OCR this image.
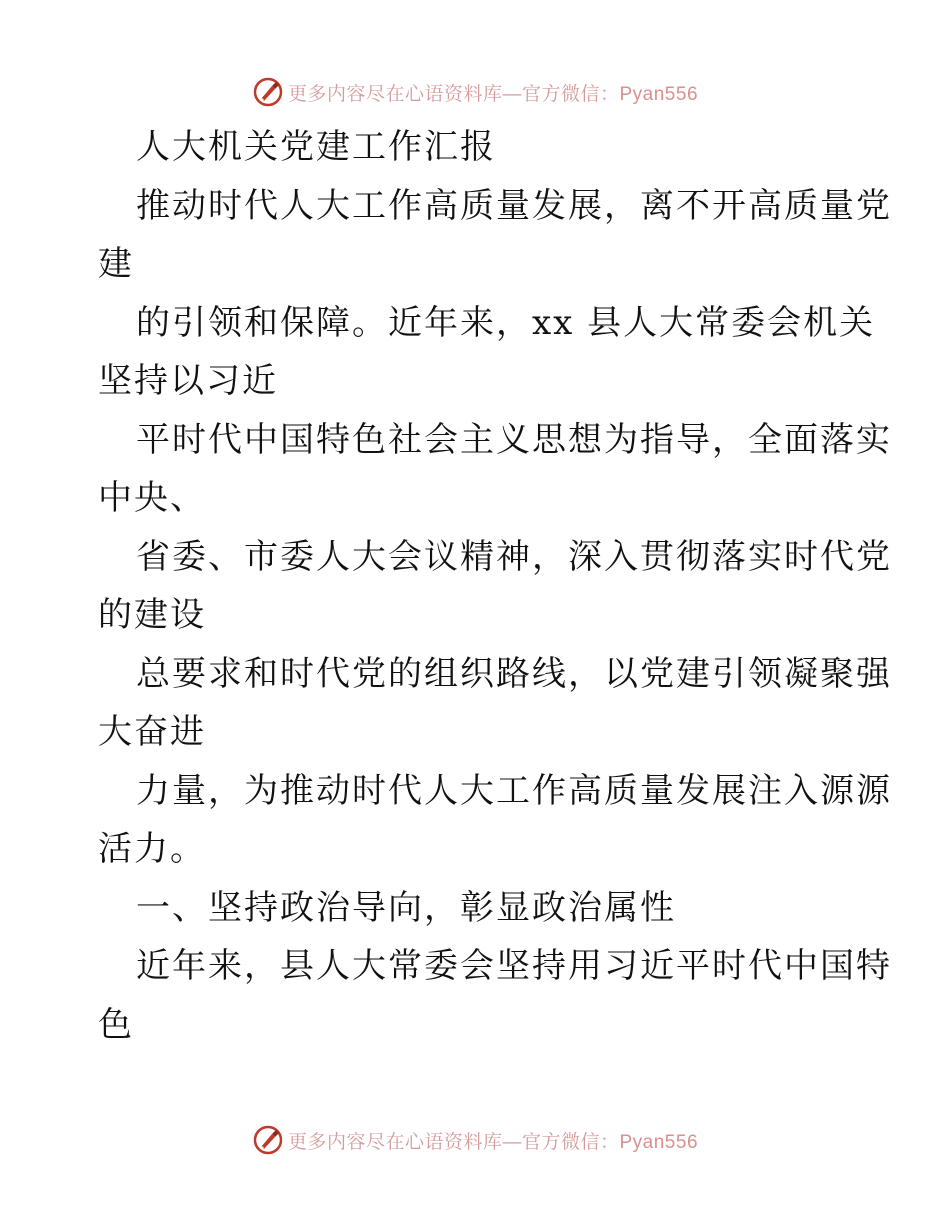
更多内容尽在心语资料库—官方微信：Pyan556
人大机关党建工作汇报
推动时代人大工作高质量发展，离不开高质量党
建
的引领和保障。近年来，xx 县人大常委会机关
坚持以习近
平时代中国特色社会主义思想为指导，全面落实
中央、
省委、市委人大会议精神，深入贯彻落实时代党
的建设
总要求和时代党的组织路线，以党建引领凝聚强
大奋进
力量，为推动时代人大工作高质量发展注入源源
活力。
一、坚持政治导向，彰显政治属性
近年来，县人大常委会坚持用习近平时代中国特
色
更多内容尽在心语资料库—官方微信：Pyan556
